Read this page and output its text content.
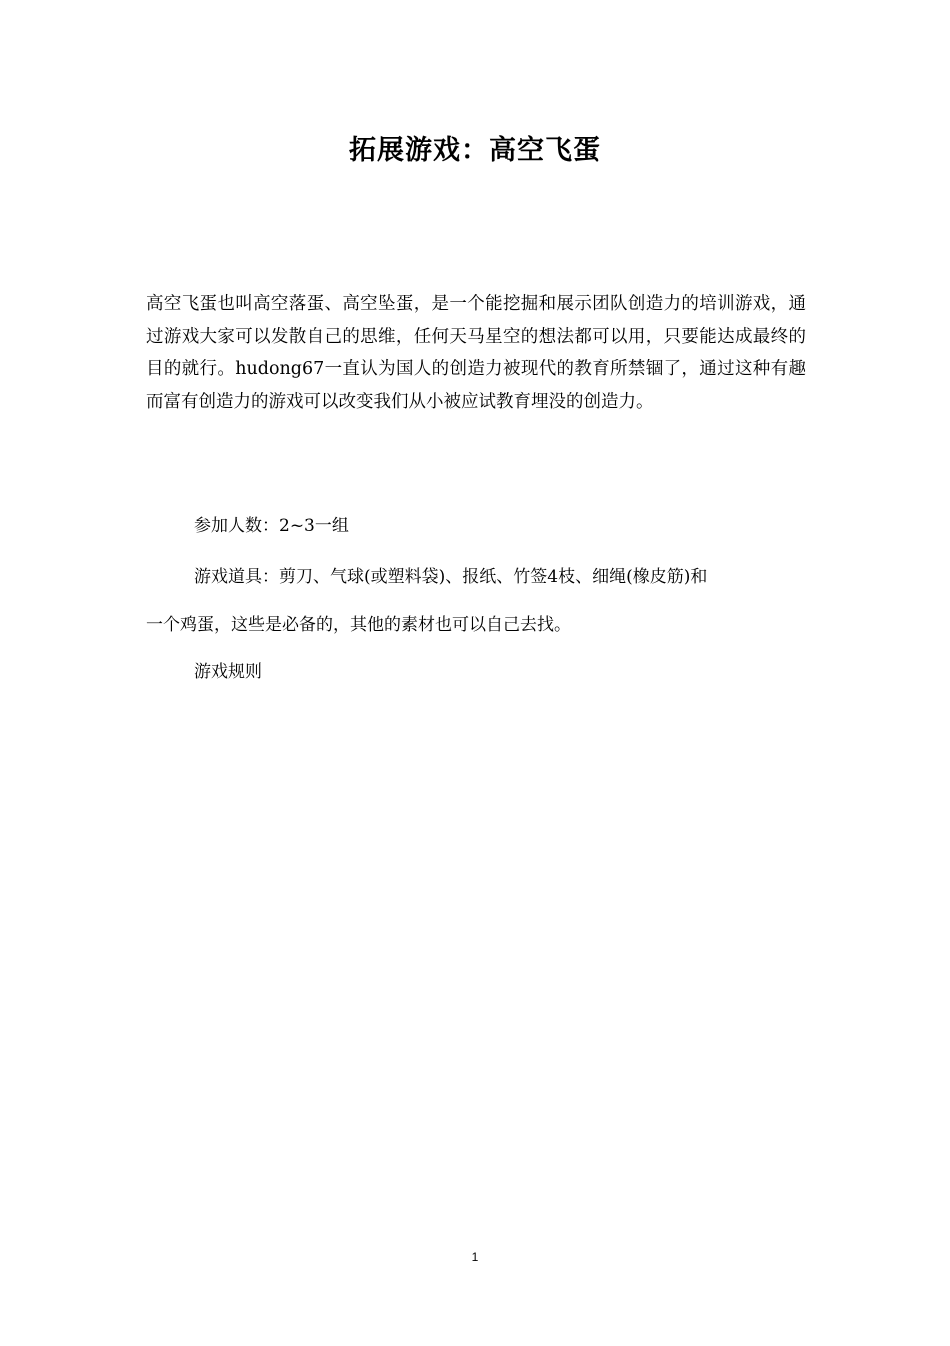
拓展游戏：高空飞蛋

高空飞蛋也叫高空落蛋、高空坠蛋，是一个能挖掘和展示团队创造力的培训游戏，通过游戏大家可以发散自己的思维，任何天马星空的想法都可以用，只要能达成最终的目的就行。hudong67一直认为国人的创造力被现代的教育所禁锢了，通过这种有趣而富有创造力的游戏可以改变我们从小被应试教育埋没的创造力。

参加人数：2~3一组

游戏道具：剪刀、气球(或塑料袋)、报纸、竹签4枝、细绳(橡皮筋)和

一个鸡蛋，这些是必备的，其他的素材也可以自己去找。

游戏规则

1
